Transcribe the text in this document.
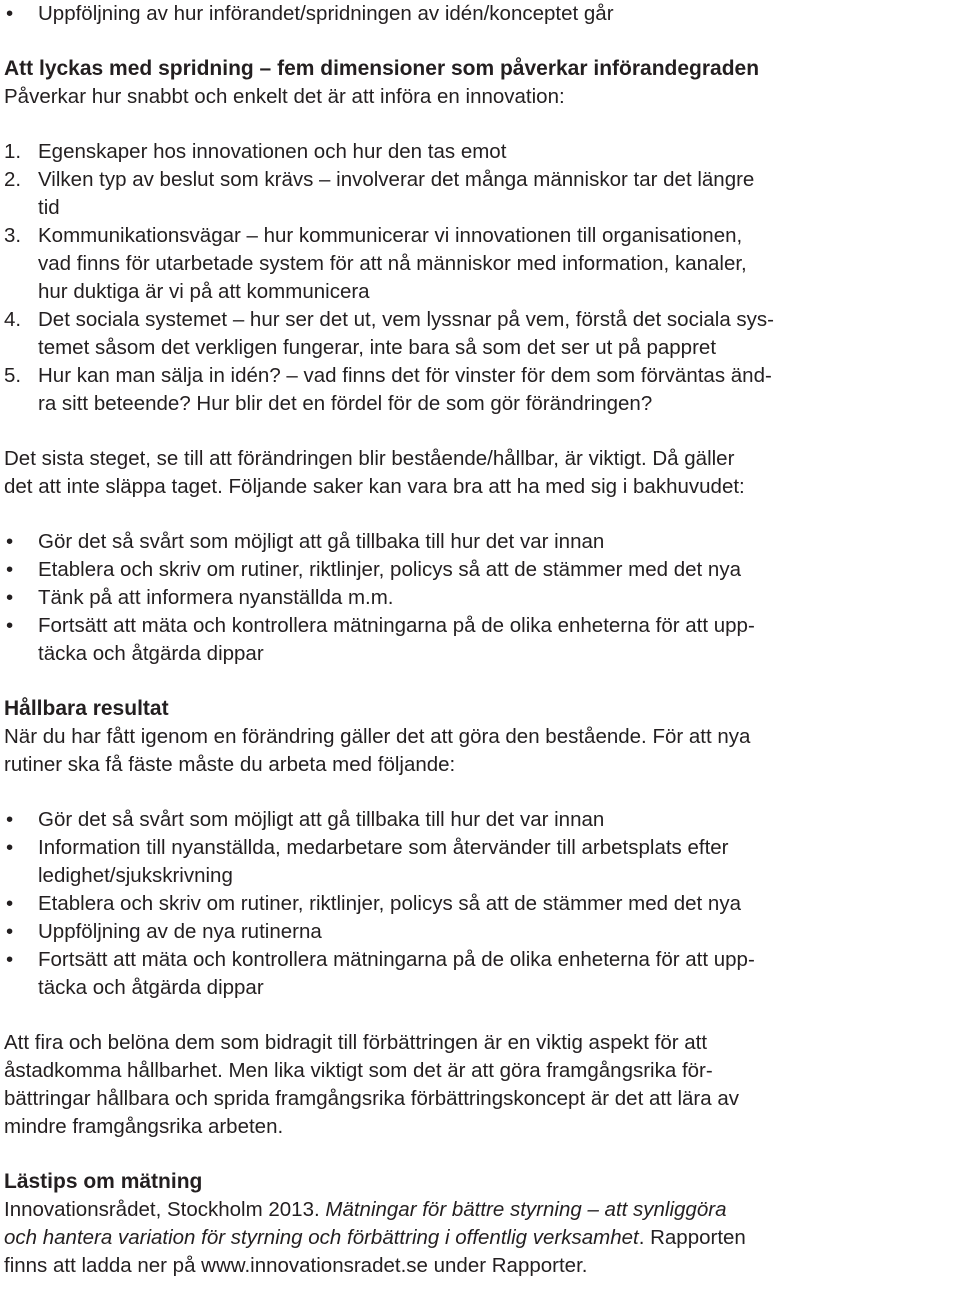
• Uppföljning av hur införandet/spridningen av idén/konceptet går
Att lyckas med spridning – fem dimensioner som påverkar införandegraden

Påverkar hur snabbt och enkelt det är att införa en innovation:

1. Egenskaper hos innovationen och hur den tas emot
2. Vilken typ av beslut som krävs – involverar det många människor tar det längre
tid
3. Kommunikationsvägar – hur kommunicerar vi innovationen till organisationen,
vad finns för utarbetade system för att nå människor med information, kanaler,
hur duktiga är vi på att kommunicera
4. Det sociala systemet – hur ser det ut, vem lyssnar på vem, förstå det sociala sys-
temet såsom det verkligen fungerar, inte bara så som det ser ut på pappret
5. Hur kan man sälja in idén? – vad finns det för vinster för dem som förväntas änd-
ra sitt beteende? Hur blir det en fördel för de som gör förändringen?

Det sista steget, se till att förändringen blir bestående/hållbar, är viktigt. Då gäller
det att inte släppa taget. Följande saker kan vara bra att ha med sig i bakhuvudet:

• Gör det så svårt som möjligt att gå tillbaka till hur det var innan
• Etablera och skriv om rutiner, riktlinjer, policys så att de stämmer med det nya
• Tänk på att informera nyanställda m.m.
• Fortsätt att mäta och kontrollera mätningarna på de olika enheterna för att upp-
täcka och åtgärda dippar
Hållbara resultat

När du har fått igenom en förändring gäller det att göra den bestående. För att nya
rutiner ska få fäste måste du arbeta med följande:

• Gör det så svårt som möjligt att gå tillbaka till hur det var innan
• Information till nyanställda, medarbetare som återvänder till arbetsplats efter
ledighet/sjukskrivning
• Etablera och skriv om rutiner, riktlinjer, policys så att de stämmer med det nya
• Uppföljning av de nya rutinerna
• Fortsätt att mäta och kontrollera mätningarna på de olika enheterna för att upp-
täcka och åtgärda dippar

Att fira och belöna dem som bidragit till förbättringen är en viktig aspekt för att
åstadkomma hållbarhet. Men lika viktigt som det är att göra framgångsrika för-
bättringar hållbara och sprida framgångsrika förbättringskoncept är det att lära av
mindre framgångsrika arbeten.

Lästips om mätning

Innovationsrådet, Stockholm 2013. Mätningar för bättre styrning – att synliggöra
och hantera variation för styrning och förbättring i offentlig verksamhet. Rapporten
finns att ladda ner på www.innovationsradet.se under Rapporter.
